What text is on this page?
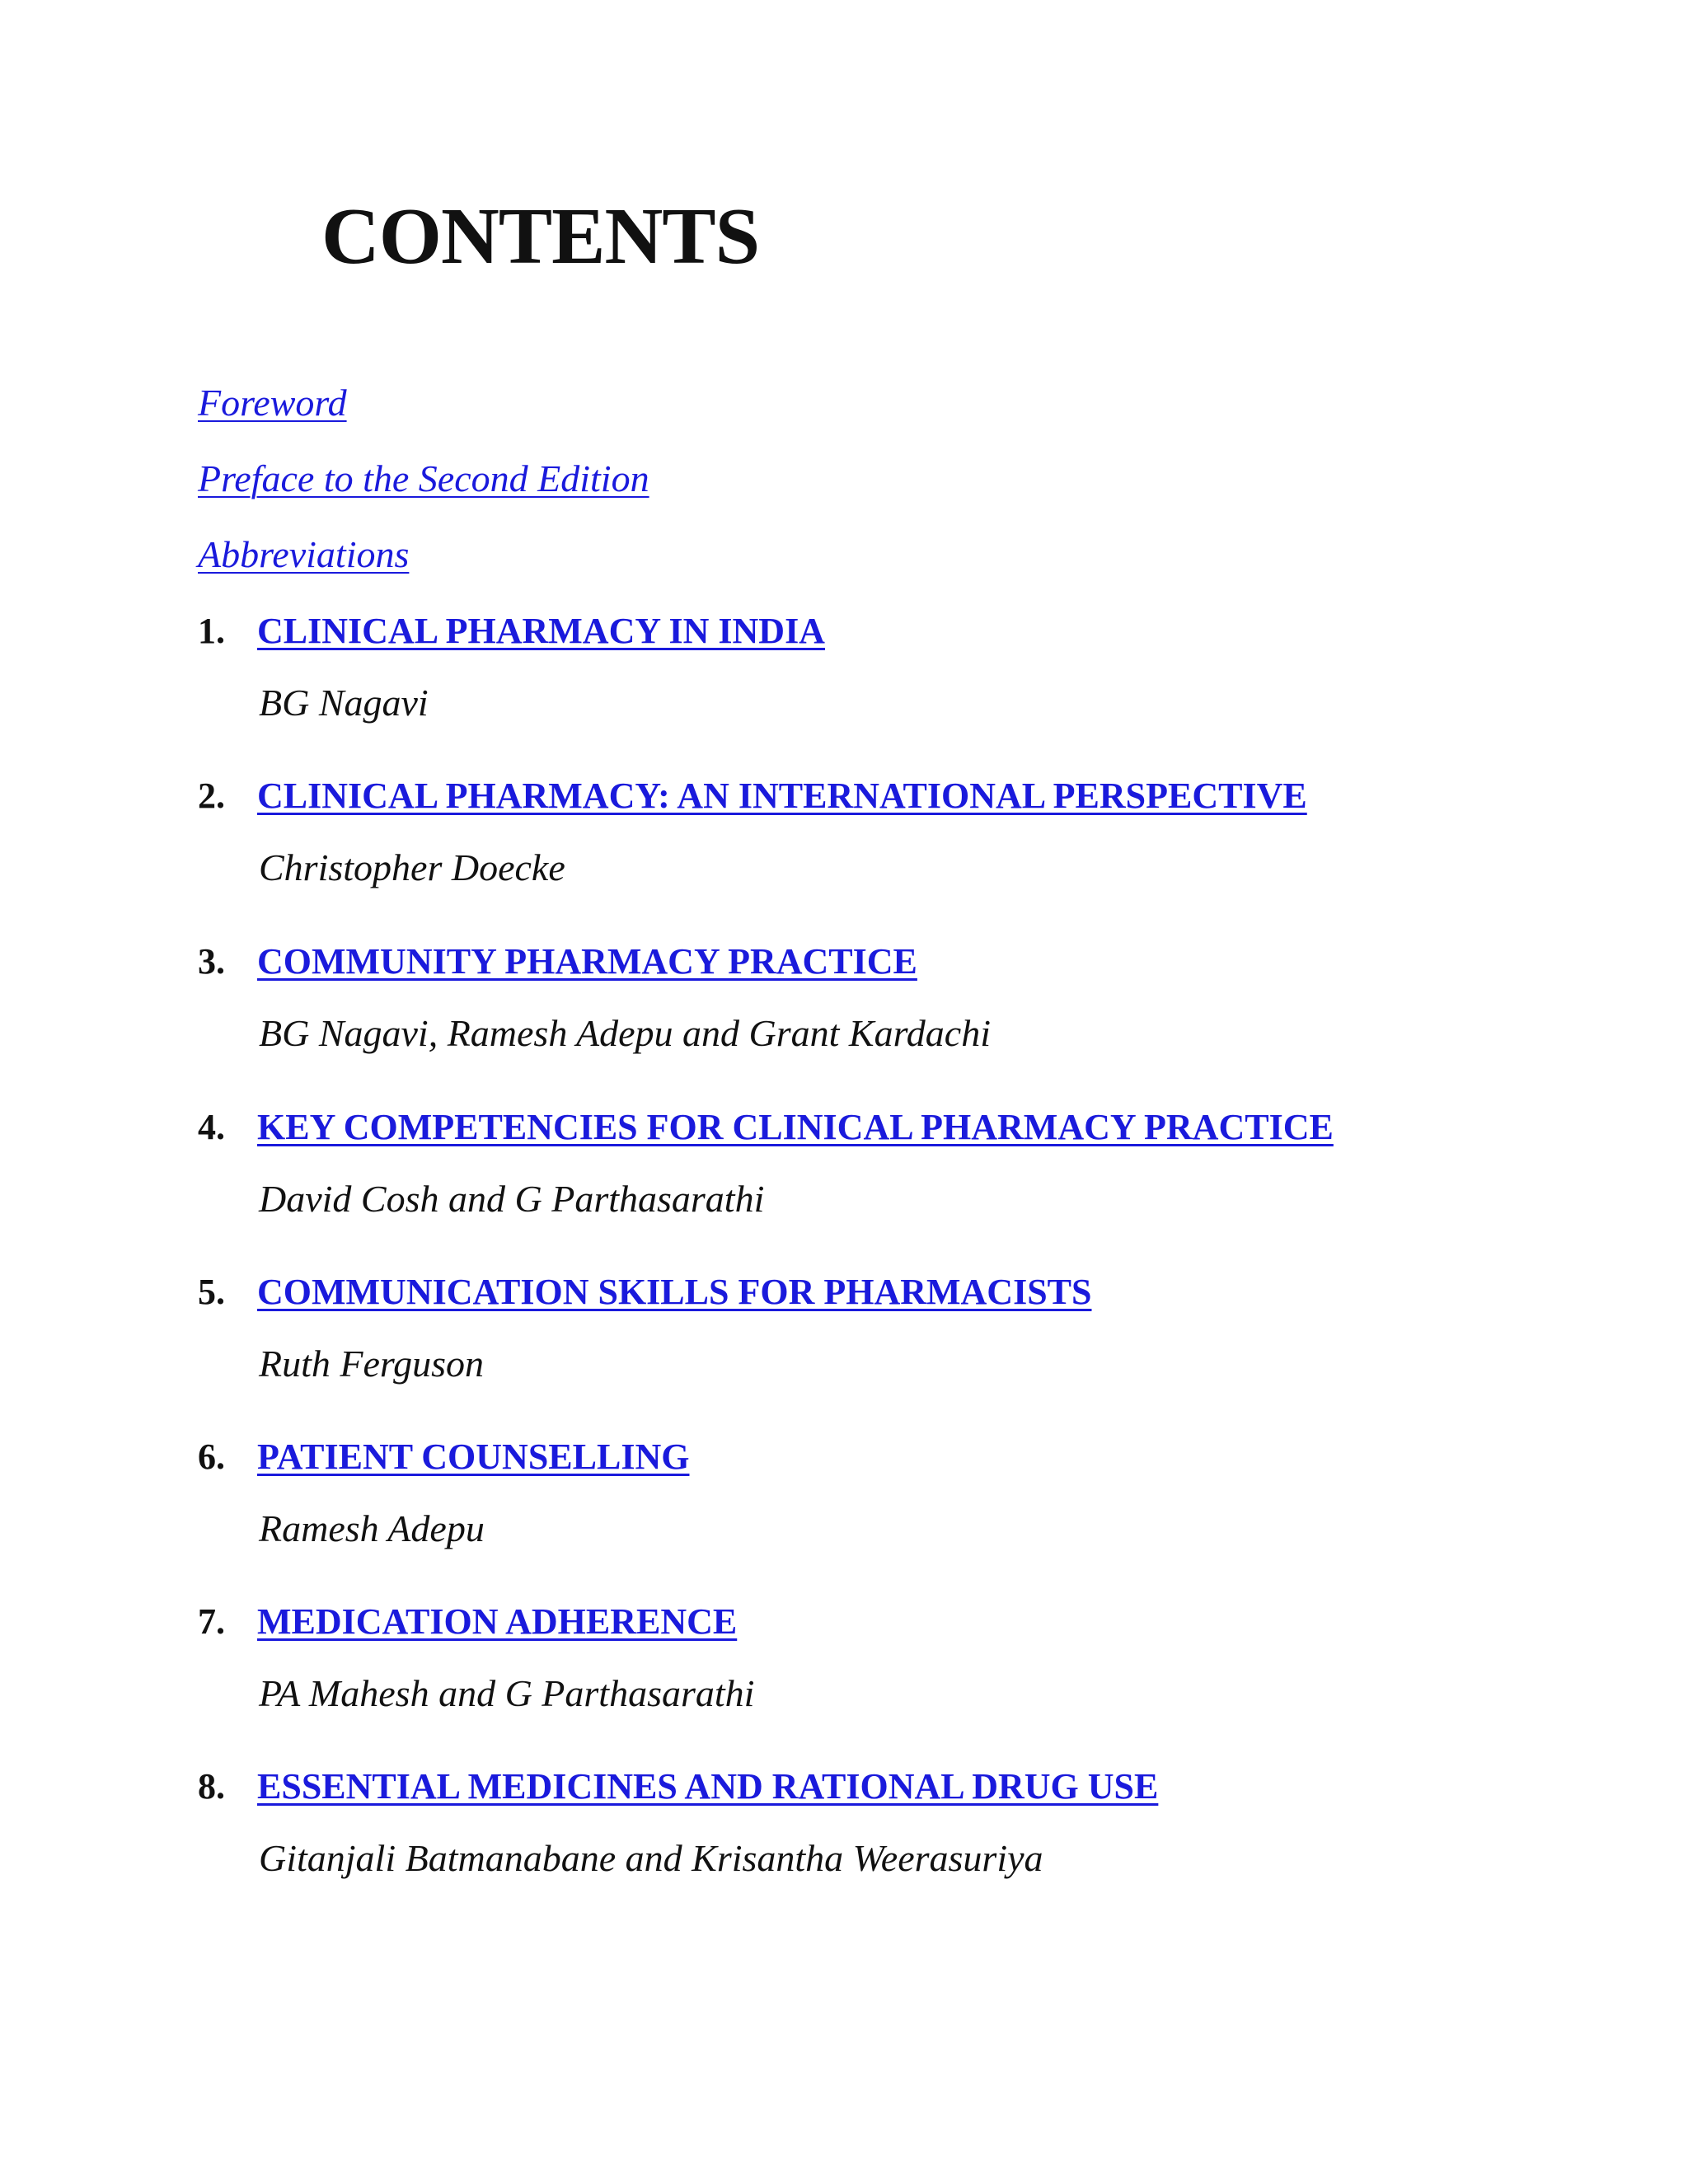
CONTENTS
Foreword
Preface to the Second Edition
Abbreviations
1. CLINICAL PHARMACY IN INDIA
BG Nagavi
2. CLINICAL PHARMACY: AN INTERNATIONAL PERSPECTIVE
Christopher Doecke
3. COMMUNITY PHARMACY PRACTICE
BG Nagavi, Ramesh Adepu and Grant Kardachi
4. KEY COMPETENCIES FOR CLINICAL PHARMACY PRACTICE
David Cosh and G Parthasarathi
5. COMMUNICATION SKILLS FOR PHARMACISTS
Ruth Ferguson
6. PATIENT COUNSELLING
Ramesh Adepu
7. MEDICATION ADHERENCE
PA Mahesh and G Parthasarathi
8. ESSENTIAL MEDICINES AND RATIONAL DRUG USE
Gitanjali Batmanabane and Krisantha Weerasuriya
